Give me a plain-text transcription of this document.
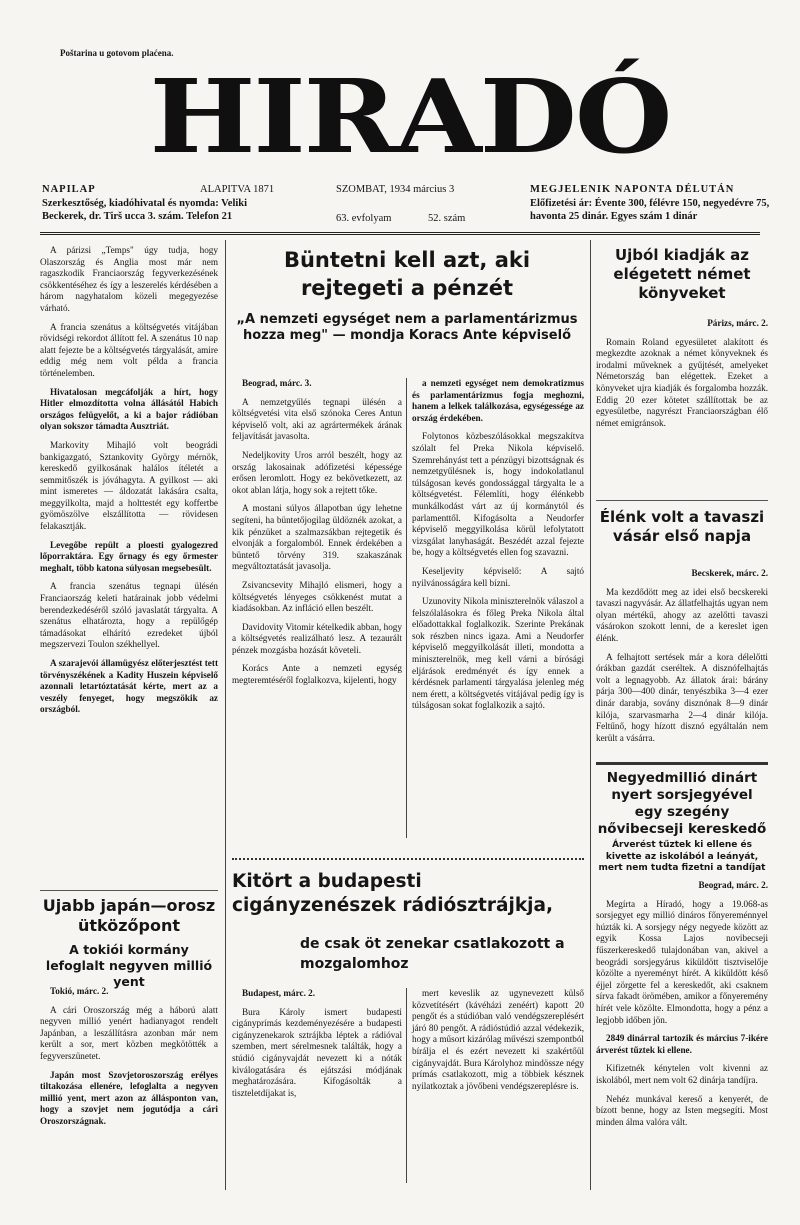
Poštarina u gotovom plaćena.
HIRADÓ
NAPILAP	ALAPITVA 1871	SZOMBAT, 1934 március 3	MEGJELENIK NAPONTA DÉLUTÁN
Szerkesztőség, kiadóhivatal és nyomda: Veliki Beckerek, dr. Tirš ucca 3. szám. Telefon 21	63. evfolyam	52. szám
Előfizetési ár: Évente 300, félévre 150, negyedévre 75, havonta 25 dinár. Egyes szám 1 dinár

A párizsi „Temps" úgy tudja, hogy Olaszország és Anglia most már nem ragaszkodik Franciaország fegyverkezésének csökkentéséhez és így a leszerelés kérdésében a három nagyhatalom közeli megegyezése várható.

A francia szenátus a költségvetés vitájában rövidségi rekordot állított fel. A szenátus 10 nap alatt fejezte be a költségvetés tárgyalását, amire eddig még nem volt példa a francia történelemben.

Hivatalosan megcáfolják a hírt, hogy Hitler elmozdította volna állásától Habich országos felügyelőt, a ki a bajor rádióban olyan sokszor támadta Ausztriát.

Markovity Mihajló volt beográdi bankigazgató, Sztankovity György mérnök, kereskedő gyilkosának halálos ítéletét a semmitőszék is jóváhagyta. A gyilkost — aki mint ismeretes — áldozatát lakására csalta, meggyilkolta, majd a holttestét egy koffertbe gyömöszölve elszállította — rövidesen felakasztják.

Levegőbe repült a ploesti gyalogezred lőporraktára. Egy őrnagy és egy őrmester meghalt, több katona súlyosan megsebesült.

A francia szenátus tegnapi ülésén Franciaország keleti határainak jobb védelmi berendezkedéséről szóló javaslatát tárgyalta. A szenátus elhatározta, hogy a repülőgép támadásokat elhárító ezredeket újból megszervezi Toulon székhellyel.

A szarajevói államügyész előterjesztést tett törvényszékének a Kadity Huszein képviselő azonnali letartóztatását kérte, mert az a veszély fenyeget, hogy megszökik az országból.

Ujabb japán—orosz ütközőpont
A tokiói kormány lefoglalt negyven millió yent

Tokió, márc. 2.

A cári Oroszország még a háború alatt negyven millió yenért hadianyagot rendelt Japánban, a leszállításra azonban már nem került a sor, mert közben megkötötték a fegyverszünetet.

Japán most Szovjetoroszország erélyes tiltakozása ellenére, lefoglalta a negyven millió yent, mert azon az állásponton van, hogy a szovjet nem jogutódja a cári Oroszországnak.

Büntetni kell azt, aki rejtegeti a pénzét
„A nemzeti egységet nem a parlamentárizmus hozza meg" — mondja Koracs Ante képviselő

Beograd, márc. 3.

A nemzetgyűlés tegnapi ülésén a költségvetési vita első szónoka Ceres Antun képviselő volt, aki az agrártermékek árának feljavítását javasolta.

Nedeljkovity Uros arról beszélt, hogy az ország lakosainak adófizetési képessége erősen leromlott. Hogy ez bekövetkezett, az okot ablan látja, hogy sok a rejtett tőke.

A mostani súlyos állapotban úgy lehetne segíteni, ha büntetőjogilag üldöznék azokat, a kik pénzüket a szalmazsákban rejtegetik és elvonják a forgalomból. Ennek érdekében a büntető törvény 319. szakaszának megváltoztatását javasolja.

Zsivancsevity Mihajló elismeri, hogy a költségvetés lényeges csökkenést mutat a kiadásokban. Az infláció ellen beszélt.

Davidovity Vitomir kételkedik abban, hogy a költségvetés realizálható lesz. A tezaurált pénzek mozgásba hozását követeli.

Korács Ante a nemzeti egység megteremtéséről foglalkozva, kijelenti, hogy

a nemzeti egységet nem demokratizmus és parlamentárizmus fogja meghozni, hanem a lelkek találkozása, egységessége az ország érdekében.

Folytonos közbeszólásokkal megszakítva szólalt fel Preka Nikola képviselő. Szemrehányást tett a pénzügyi bizottságnak és nemzetgyűlésnek is, hogy indokolatlanul túlságosan kevés gondossággal tárgyalta le a költségvetést. Félemlíti, hogy élénkebb munkálkodást várt az új kormánytól és parlamenttől. Kifogásolta a Neudorfer képviselő meggyilkolása körül lefolytatott vizsgálat lanyhaságát. Beszédét azzal fejezte be, hogy a költségvetés ellen fog szavazni.

Keseljevity képviselő: A sajtó nyilvánosságára kell bízni.

Uzunovity Nikola miniszterelnök válaszol a felszólalásokra és főleg Preka Nikola által előadottakkal foglalkozik. Szerinte Prekának sok részben nincs igaza. Ami a Neudorfer képviselő meggyilkolását illeti, mondotta a miniszterelnök, meg kell várni a bírósági eljárások eredményét és így ennek a kérdésnek parlamenti tárgyalása jelenleg még nem érett, a költségvetés vitájával pedig így is túlságosan sokat foglalkozik a sajtó.

Kitört a budapesti cigányzenészek rádiósztrájkja,
de csak öt zenekar csatlakozott a mozgalomhoz

Budapest, márc. 2.

Bura Károly ismert budapesti cigányprímás kezdeményezésére a budapesti cigányzenekarok sztrájkba léptek a rádióval szemben, mert sérelmesnek találták, hogy a stúdió cigányvajdát nevezett ki a nóták kiválogatására és ejátszási módjának meghatározására. Kifogásolták a tiszteletdíjakat is,

mert keveslik az ugynevezett külső közvetítésért (kávéházi zenéért) kapott 20 pengőt és a stúdióban való vendégszereplésért járó 80 pengőt. A rádióstúdió azzal védekezik, hogy a műsort kizárólag művészi szempontból bírálja el és ezért nevezett ki szakértőül cigányvajdát. Bura Károlyhoz mindössze négy prímás csatlakozott, mig a többiek késznek nyilatkoztak a jövőbeni vendégszereplésre is.

Ujból kiadják az elégetett német könyveket

Párizs, márc. 2.

Romain Roland egyesületet alakított és megkezdte azoknak a német könyveknek és irodalmi műveknek a gyűjtését, amelyeket Németország ban elégettek. Ezeket a könyveket ujra kiadják és forgalomba hozzák. Eddig 20 ezer kötetet szállítottak be az egyesületbe, nagyrészt Franciaországban élő német emigránsok.

Élénk volt a tavaszi vásár első napja

Becskerek, márc. 2.

Ma kezdődött meg az idei első becskereki tavaszi nagyvásár. Az állatfelhajtás ugyan nem olyan mértékű, ahogy az azelőtti tavaszi vásárokon szokott lenni, de a kereslet igen élénk.

A felhajtott sertések már a kora délelőtti órákban gazdát cseréltek. A disznófelhajtás volt a legnagyobb. Az állatok árai: bárány párja 300—400 dinár, tenyészbika 3—4 ezer dinár darabja, sovány disznónak 8—9 dinár kilója, szarvasmarha 2—4 dinár kilója. Feltűnő, hogy hízott disznó egyáltalán nem került a vásárra.

Negyedmillió dinárt nyert sorsjegyével egy szegény nővibecseji kereskedő
Árverést tűztek ki ellene és kivette az iskolából a leányát, mert nem tudta fizetni a tandíjat

Beograd, márc. 2.

Megírta a Híradó, hogy a 19.068-as sorsjegyet egy millió dináros főnyereménnyel húzták ki. A sorsjegy négy negyede között az egyik Kossa Lajos novibecseji fűszerkereskedő tulajdonában van, akivel a beográdi sorsjegyárus kiküldött tisztviselője közölte a nyereményt hírét. A kiküldött késő éjjel zörgette fel a kereskedőt, aki csaknem sírva fakadt örömében, amikor a főnyeremény hírét vele közölte. Elmondotta, hogy a pénz a legjobb időben jön.

2849 dinárral tartozik és március 7-ikére árverést tűztek ki ellene.

Kifizetnék kénytelen volt kivenni az iskolából, mert nem volt 62 dinárja tandíjra.

Nehéz munkával kereső a kenyerét, de bízott benne, hogy az Isten megsegíti. Most minden álma valóra vált.
